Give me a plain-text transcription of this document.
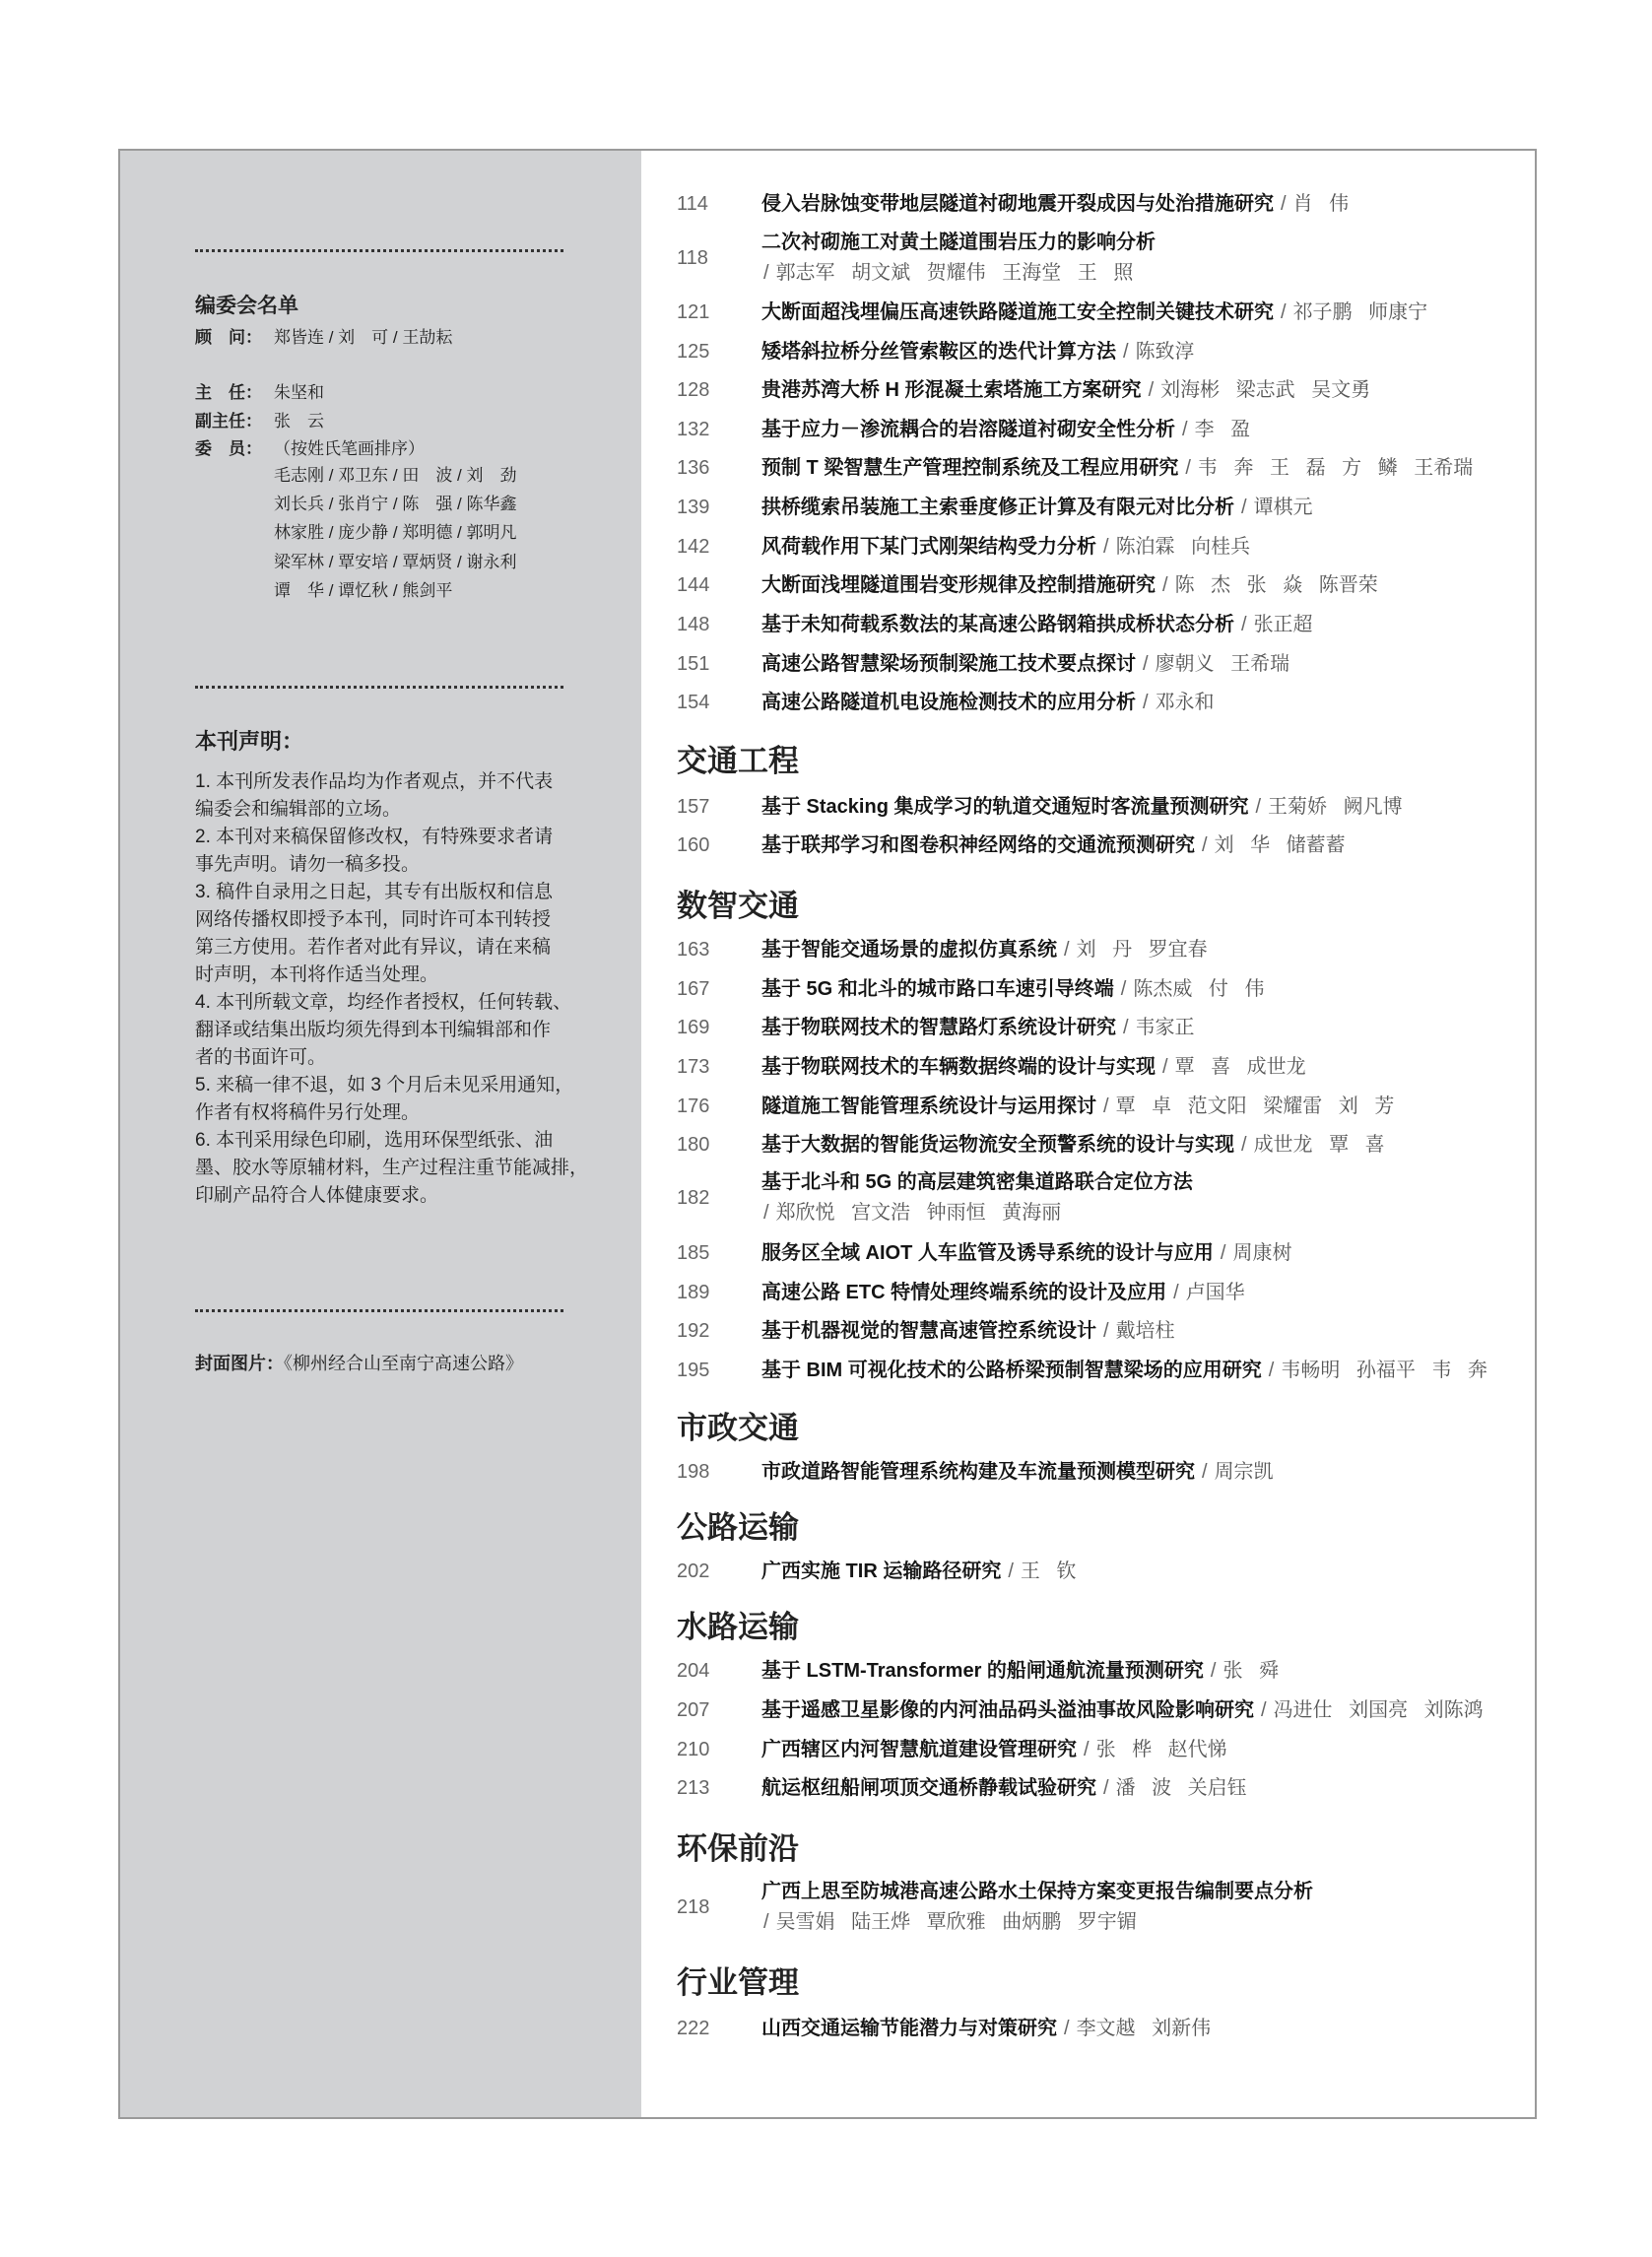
编委会名单
顾　问： 郑皆连 / 刘　可 / 王劼耘
主　任： 朱坚和
副主任： 张　云
委　员： （按姓氏笔画排序）
毛志刚 / 邓卫东 / 田　波 / 刘　劲
刘长兵 / 张肖宁 / 陈　强 / 陈华鑫
林家胜 / 庞少静 / 郑明德 / 郭明凡
梁军林 / 覃安培 / 覃炳贤 / 谢永利
谭　华 / 谭忆秋 / 熊剑平
本刊声明：
1. 本刊所发表作品均为作者观点，并不代表
编委会和编辑部的立场。
2. 本刊对来稿保留修改权，有特殊要求者请
事先声明。请勿一稿多投。
3. 稿件自录用之日起，其专有出版权和信息
网络传播权即授予本刊，同时许可本刊转授
第三方使用。若作者对此有异议，请在来稿
时声明，本刊将作适当处理。
4. 本刊所载文章，均经作者授权，任何转载、
翻译或结集出版均须先得到本刊编辑部和作
者的书面许可。
5. 来稿一律不退，如 3 个月后未见采用通知，
作者有权将稿件另行处理。
6. 本刊采用绿色印刷，选用环保型纸张、油
墨、胶水等原辅材料，生产过程注重节能减排，
印刷产品符合人体健康要求。
封面图片：《柳州经合山至南宁高速公路》
114	侵入岩脉蚀变带地层隧道衬砌地震开裂成因与处治措施研究 / 肖 伟
118
二次衬砌施工对黄土隧道围岩压力的影响分析
/ 郭志军 胡文斌 贺耀伟 王海堂 王 照
121	大断面超浅埋偏压高速铁路隧道施工安全控制关键技术研究 / 祁子鹏 师康宁
125	矮塔斜拉桥分丝管索鞍区的迭代计算方法 / 陈致淳
128	贵港苏湾大桥 H 形混凝土索塔施工方案研究 / 刘海彬 梁志武 吴文勇
132	基于应力－渗流耦合的岩溶隧道衬砌安全性分析 / 李 盈
136	预制 T 梁智慧生产管理控制系统及工程应用研究 / 韦 奔 王 磊 方 鳞 王希瑞
139	拱桥缆索吊装施工主索垂度修正计算及有限元对比分析 / 谭棋元
142	风荷载作用下某门式刚架结构受力分析 / 陈泊霖 向桂兵
144	大断面浅埋隧道围岩变形规律及控制措施研究 / 陈 杰 张 焱 陈晋荣
148	基于未知荷载系数法的某高速公路钢箱拱成桥状态分析 / 张正超
151	高速公路智慧梁场预制梁施工技术要点探讨 / 廖朝义 王希瑞
154	高速公路隧道机电设施检测技术的应用分析 / 邓永和
交通工程
157	基于 Stacking 集成学习的轨道交通短时客流量预测研究 / 王菊娇 阙凡博
160	基于联邦学习和图卷积神经网络的交通流预测研究 / 刘 华 储蓄蓄
数智交通
163	基于智能交通场景的虚拟仿真系统 / 刘 丹 罗宜春
167	基于 5G 和北斗的城市路口车速引导终端 / 陈杰威 付 伟
169	基于物联网技术的智慧路灯系统设计研究 / 韦家正
173	基于物联网技术的车辆数据终端的设计与实现 / 覃 喜 成世龙
176	隧道施工智能管理系统设计与运用探讨 / 覃 卓 范文阳 梁耀雷 刘 芳
180	基于大数据的智能货运物流安全预警系统的设计与实现 / 成世龙 覃 喜
182
基于北斗和 5G 的高层建筑密集道路联合定位方法
/ 郑欣悦 宫文浩 钟雨恒 黄海丽
185	服务区全域 AIOT 人车监管及诱导系统的设计与应用 / 周康树
189	高速公路 ETC 特情处理终端系统的设计及应用 / 卢国华
192	基于机器视觉的智慧高速管控系统设计 / 戴培柱
195	基于 BIM 可视化技术的公路桥梁预制智慧梁场的应用研究 / 韦畅明 孙福平 韦 奔
市政交通
198	市政道路智能管理系统构建及车流量预测模型研究 / 周宗凯
公路运输
202	广西实施 TIR 运输路径研究 / 王 钦
水路运输
204	基于 LSTM-Transformer 的船闸通航流量预测研究 / 张 舜
207	基于遥感卫星影像的内河油品码头溢油事故风险影响研究 / 冯进仕 刘国亮 刘陈鸿
210	广西辖区内河智慧航道建设管理研究 / 张 桦 赵代悌
213	航运枢纽船闸项顶交通桥静载试验研究 / 潘 波 关启钰
环保前沿
218
广西上思至防城港高速公路水土保持方案变更报告编制要点分析
/ 吴雪娟 陆王烨 覃欣雅 曲炳鹏 罗宇镅
行业管理
222	山西交通运输节能潜力与对策研究 / 李文越 刘新伟
